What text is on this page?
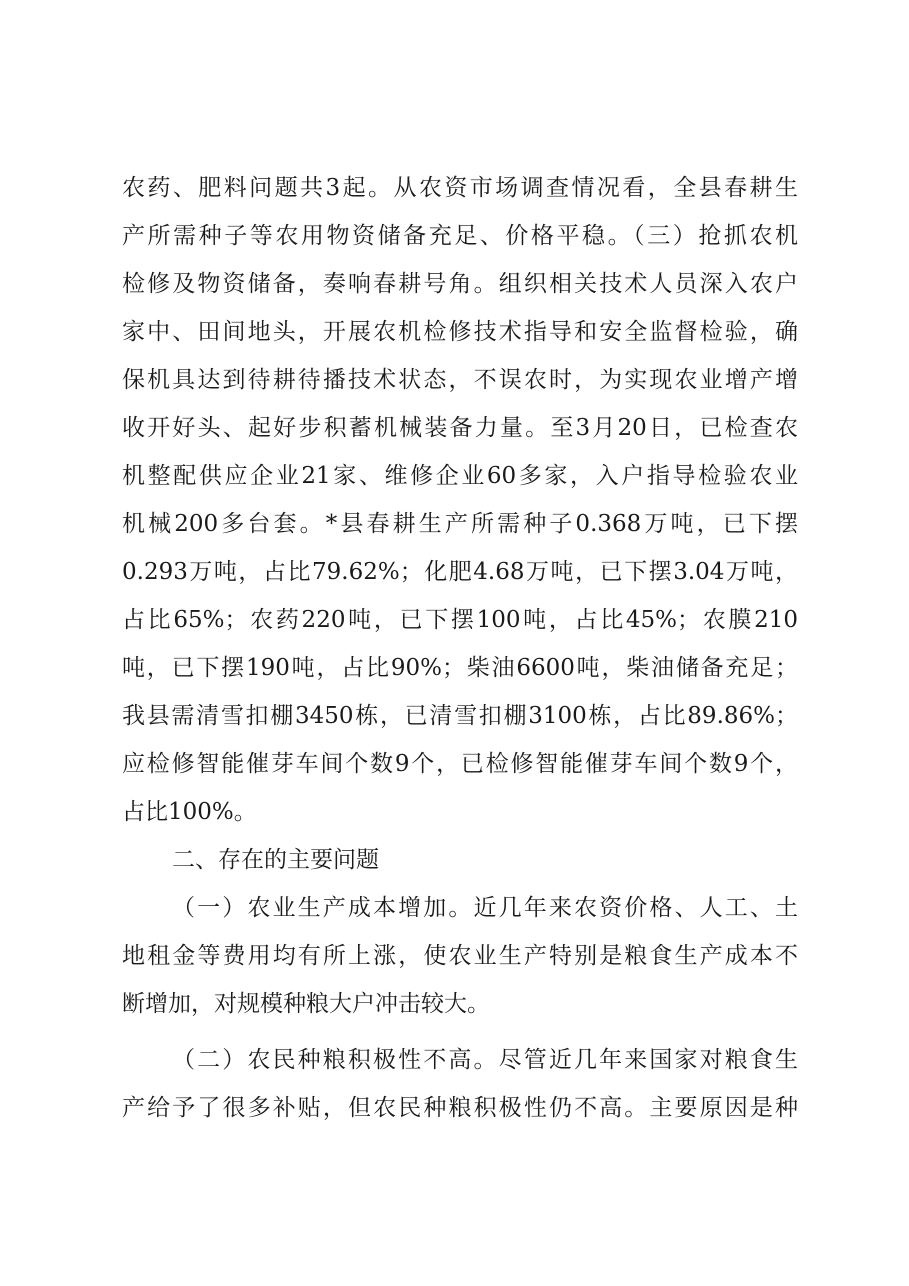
农药、肥料问题共3起。从农资市场调查情况看，全县春耕生
产所需种子等农用物资储备充足、价格平稳。（三）抢抓农机
检修及物资储备，奏响春耕号角。组织相关技术人员深入农户
家中、田间地头，开展农机检修技术指导和安全监督检验，确
保机具达到待耕待播技术状态，不误农时，为实现农业增产增
收开好头、起好步积蓄机械装备力量。至3月20日，已检查农
机整配供应企业21家、维修企业60多家，入户指导检验农业
机械200多台套。*县春耕生产所需种子0.368万吨，已下摆
0.293万吨，占比79.62%；化肥4.68万吨，已下摆3.04万吨，
占比65%；农药220吨，已下摆100吨，占比45%；农膜210
吨，已下摆190吨，占比90%；柴油6600吨，柴油储备充足；
我县需清雪扣棚3450栋，已清雪扣棚3100栋，占比89.86%；
应检修智能催芽车间个数9个，已检修智能催芽车间个数9个，
占比100%。
二、存在的主要问题
（一）农业生产成本增加。近几年来农资价格、人工、土
地租金等费用均有所上涨，使农业生产特别是粮食生产成本不
断增加，对规模种粮大户冲击较大。
（二）农民种粮积极性不高。尽管近几年来国家对粮食生
产给予了很多补贴，但农民种粮积极性仍不高。主要原因是种
